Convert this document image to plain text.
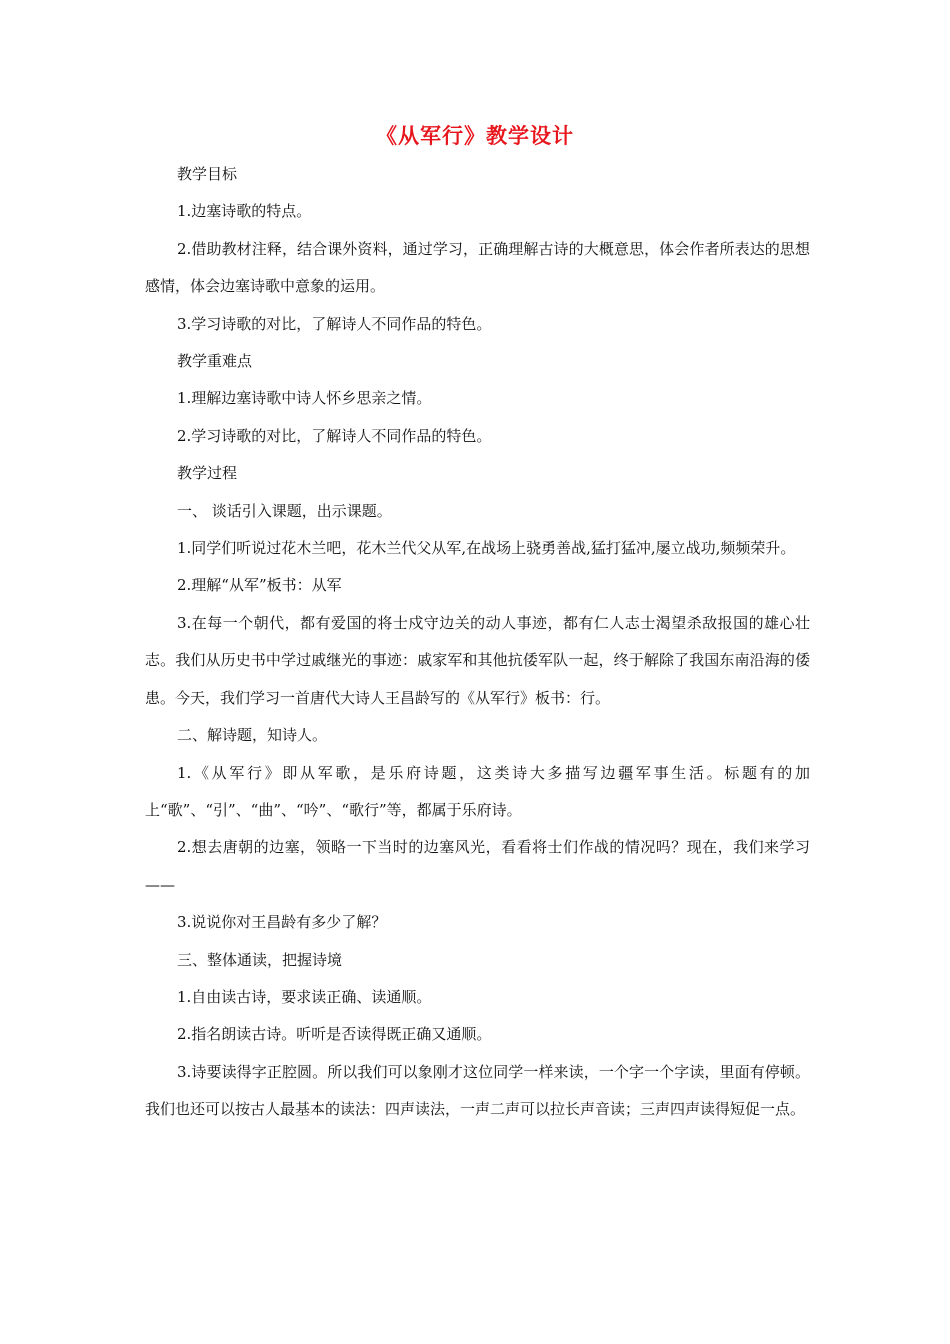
《从军行》教学设计

教学目标

1.边塞诗歌的特点。

2.借助教材注释，结合课外资料，通过学习，正确理解古诗的大概意思，体会作者所表达的思想感情，体会边塞诗歌中意象的运用。

3.学习诗歌的对比，了解诗人不同作品的特色。

教学重难点

1.理解边塞诗歌中诗人怀乡思亲之情。

2.学习诗歌的对比，了解诗人不同作品的特色。

教学过程

一、 谈话引入课题，出示课题。

1.同学们听说过花木兰吧，花木兰代父从军,在战场上骁勇善战,猛打猛冲,屡立战功,频频荣升。

2.理解“从军”板书：从军

3.在每一个朝代，都有爱国的将士戍守边关的动人事迹，都有仁人志士渴望杀敌报国的雄心壮志。我们从历史书中学过戚继光的事迹：戚家军和其他抗倭军队一起，终于解除了我国东南沿海的倭患。今天，我们学习一首唐代大诗人王昌龄写的《从军行》板书：行。

二、解诗题，知诗人。

1.《从军行》即从军歌，是乐府诗题，这类诗大多描写边疆军事生活。标题有的加上“歌”、“引”、“曲”、“吟”、“歌行”等，都属于乐府诗。

2.想去唐朝的边塞，领略一下当时的边塞风光，看看将士们作战的情况吗？现在，我们来学习——

3.说说你对王昌龄有多少了解？

三、整体通读，把握诗境

1.自由读古诗，要求读正确、读通顺。

2.指名朗读古诗。听听是否读得既正确又通顺。

3.诗要读得字正腔圆。所以我们可以象刚才这位同学一样来读，一个字一个字读，里面有停顿。我们也还可以按古人最基本的读法：四声读法，一声二声可以拉长声音读；三声四声读得短促一点。
